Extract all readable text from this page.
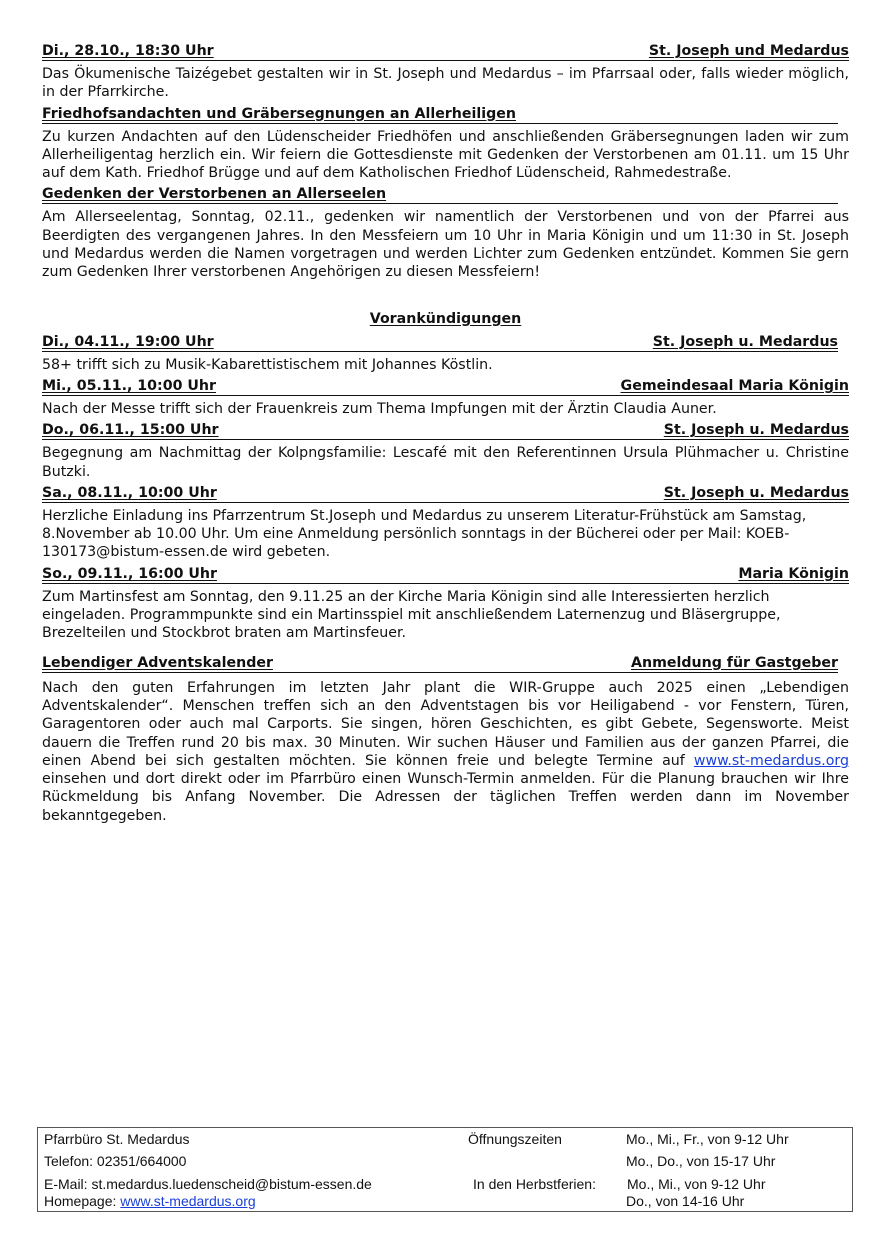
Di., 28.10., 18:30 Uhr	St. Joseph und Medardus

Das Ökumenische Taizégebet gestalten wir in St. Joseph und Medardus – im Pfarrsaal oder, falls wieder möglich, in der Pfarrkirche.

Friedhofsandachten und Gräbersegnungen an Allerheiligen

Zu kurzen Andachten auf den Lüdenscheider Friedhöfen und anschließenden Gräbersegnungen laden wir zum Allerheiligentag herzlich ein. Wir feiern die Gottesdienste mit Gedenken der Verstorbenen am 01.11. um 15 Uhr auf dem Kath. Friedhof Brügge und auf dem Katholischen Friedhof Lüdenscheid, Rahmedestraße.

Gedenken der Verstorbenen an Allerseelen

Am Allerseelentag, Sonntag, 02.11., gedenken wir namentlich der Verstorbenen und von der Pfarrei aus Beerdigten des vergangenen Jahres. In den Messfeiern um 10 Uhr in Maria Königin und um 11:30 in St. Joseph und Medardus werden die Namen vorgetragen und werden Lichter zum Gedenken entzündet. Kommen Sie gern zum Gedenken Ihrer verstorbenen Angehörigen zu diesen Messfeiern!

Vorankündigungen
Di., 04.11., 19:00 Uhr	St. Joseph u. Medardus

58+ trifft sich zu Musik-Kabarettistischem mit Johannes Köstlin.

Mi., 05.11., 10:00 Uhr	Gemeindesaal Maria Königin

Nach der Messe trifft sich der Frauenkreis zum Thema Impfungen mit der Ärztin Claudia Auner.

Do., 06.11., 15:00 Uhr	St. Joseph u. Medardus

Begegnung am Nachmittag der Kolpngsfamilie: Lescafé mit den Referentinnen Ursula Plühmacher u. Christine Butzki.

Sa., 08.11., 10:00 Uhr	St. Joseph u. Medardus

Herzliche Einladung ins Pfarrzentrum St.Joseph und Medardus zu unserem Literatur-Frühstück am Samstag, 8.November ab 10.00 Uhr. Um eine Anmeldung persönlich sonntags in der Bücherei oder per Mail: KOEB-130173@bistum-essen.de wird gebeten.

So., 09.11., 16:00 Uhr	Maria Königin

Zum Martinsfest am Sonntag, den 9.11.25 an der Kirche Maria Königin sind alle Interessierten herzlich eingeladen. Programmpunkte sind ein Martinsspiel mit anschließendem Laternenzug und Bläsergruppe, Brezelteilen und Stockbrot braten am Martinsfeuer.

Lebendiger Adventskalender	Anmeldung für Gastgeber

Nach den guten Erfahrungen im letzten Jahr plant die WIR-Gruppe auch 2025 einen „Lebendigen Adventskalender“. Menschen treffen sich an den Adventstagen bis vor Heiligabend - vor Fenstern, Türen, Garagentoren oder auch mal Carports. Sie singen, hören Geschichten, es gibt Gebete, Segensworte. Meist dauern die Treffen rund 20 bis max. 30 Minuten. Wir suchen Häuser und Familien aus der ganzen Pfarrei, die einen Abend bei sich gestalten möchten. Sie können freie und belegte Termine auf www.st-medardus.org einsehen und dort direkt oder im Pfarrbüro einen Wunsch-Termin anmelden. Für die Planung brauchen wir Ihre Rückmeldung bis Anfang November. Die Adressen der täglichen Treffen werden dann im November bekanntgegeben.

Pfarrbüro St. Medardus
Telefon: 02351/664000
E-Mail: st.medardus.luedenscheid@bistum-essen.de
Homepage: www.st-medardus.org
Öffnungszeiten	Mo., Mi., Fr., von 9-12 Uhr
Mo., Do., von 15-17 Uhr
In den Herbstferien: Mo., Mi., von 9-12 Uhr
Do., von 14-16 Uhr
